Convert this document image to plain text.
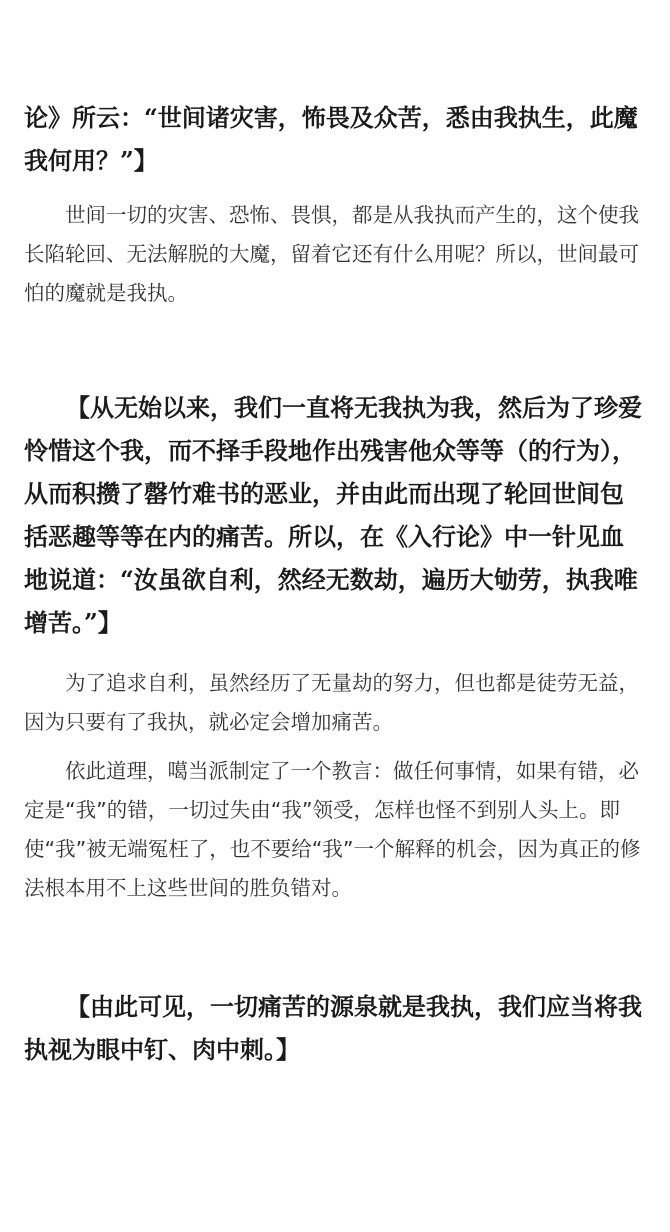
论》所云：“世间诸灾害，怖畏及众苦，悉由我执生，此魔我何用？”】

世间一切的灾害、恐怖、畏惧，都是从我执而产生的，这个使我长陷轮回、无法解脱的大魔，留着它还有什么用呢？所以，世间最可怕的魔就是我执。

【从无始以来，我们一直将无我执为我，然后为了珍爱怜惜这个我，而不择手段地作出残害他众等等（的行为），从而积攒了罄竹难书的恶业，并由此而出现了轮回世间包括恶趣等等在内的痛苦。所以，在《入行论》中一针见血地说道：“汝虽欲自利，然经无数劫，遍历大劬劳，执我唯增苦。”】

为了追求自利，虽然经历了无量劫的努力，但也都是徒劳无益，因为只要有了我执，就必定会增加痛苦。

依此道理，噶当派制定了一个教言：做任何事情，如果有错，必定是“我”的错，一切过失由“我”领受，怎样也怪不到别人头上。即使“我”被无端冤枉了，也不要给“我”一个解释的机会，因为真正的修法根本用不上这些世间的胜负错对。

【由此可见，一切痛苦的源泉就是我执，我们应当将我执视为眼中钉、肉中刺。】
